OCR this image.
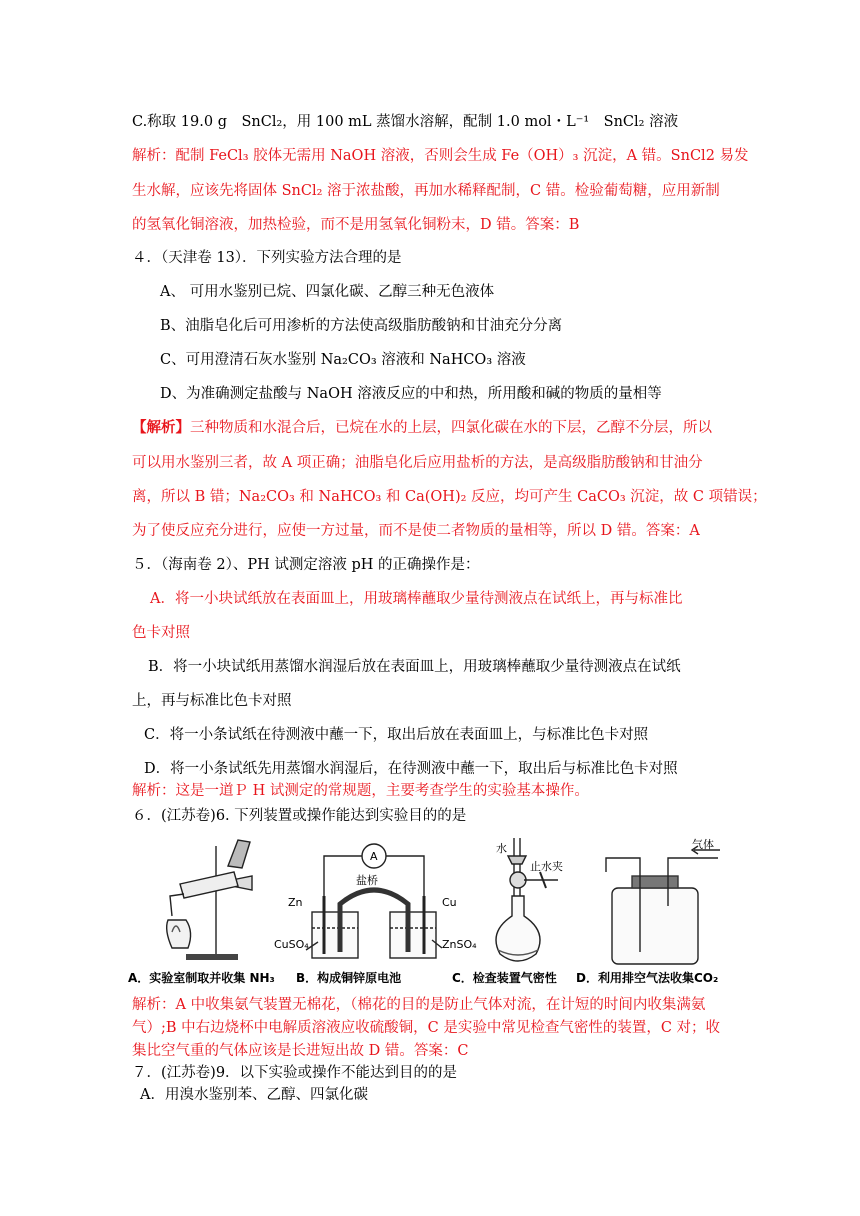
C.称取 19.0 g　SnCl₂，用 100 mL 蒸馏水溶解，配制 1.0 mol・L⁻¹　SnCl₂ 溶液
解析：配制 FeCl₃ 胶体无需用 NaOH 溶液，否则会生成 Fe（OH）₃ 沉淀，A 错。SnCl2 易发
生水解，应该先将固体 SnCl₂ 溶于浓盐酸，再加水稀释配制，C 错。检验葡萄糖，应用新制
的氢氧化铜溶液，加热检验，而不是用氢氧化铜粉末，D 错。答案：B
４．（天津卷 13）．下列实验方法合理的是
A、 可用水鉴别已烷、四氯化碳、乙醇三种无色液体
B、油脂皂化后可用渗析的方法使高级脂肪酸钠和甘油充分分离
C、可用澄清石灰水鉴别 Na₂CO₃ 溶液和 NaHCO₃ 溶液
D、为准确测定盐酸与 NaOH 溶液反应的中和热，所用酸和碱的物质的量相等
【解析】三种物质和水混合后，已烷在水的上层，四氯化碳在水的下层，乙醇不分层，所以
可以用水鉴别三者，故 A 项正确；油脂皂化后应用盐析的方法，是高级脂肪酸钠和甘油分
离，所以 B 错；Na₂CO₃ 和 NaHCO₃ 和 Ca(OH)₂ 反应，均可产生 CaCO₃ 沉淀，故 C 项错误；
为了使反应充分进行，应使一方过量，而不是使二者物质的量相等，所以 D 错。答案：A
５．（海南卷 2）、PH 试测定溶液 pH 的正确操作是：
A．将一小块试纸放在表面皿上，用玻璃棒蘸取少量待测液点在试纸上，再与标准比
色卡对照
B．将一小块试纸用蒸馏水润湿后放在表面皿上，用玻璃棒蘸取少量待测液点在试纸
上，再与标准比色卡对照
C．将一小条试纸在待测液中蘸一下，取出后放在表面皿上，与标准比色卡对照
D．将一小条试纸先用蒸馏水润湿后，在待测液中蘸一下，取出后与标准比色卡对照
解析：这是一道Ｐ H 试测定的常规题，主要考查学生的实验基本操作。
６．(江苏卷)6. 下列装置或操作能达到实验目的的是
A
盐桥
Zn	Cu
CuSO₄	ZnSO₄
水
止水夹
气体
A．实验室制取并收集 NH₃ B．构成铜锌原电池	C．检查装置气密性 D．利用排空气法收集CO₂
解析：A 中收集氨气装置无棉花，（棉花的目的是防止气体对流，在计短的时间内收集满氨
气）;B 中右边烧杯中电解质溶液应收硫酸铜，C 是实验中常见检查气密性的装置，C 对；收
集比空气重的气体应该是长进短出故 D 错。答案：C
７．(江苏卷)9．以下实验或操作不能达到目的的是
A．用溴水鉴别苯、乙醇、四氯化碳
